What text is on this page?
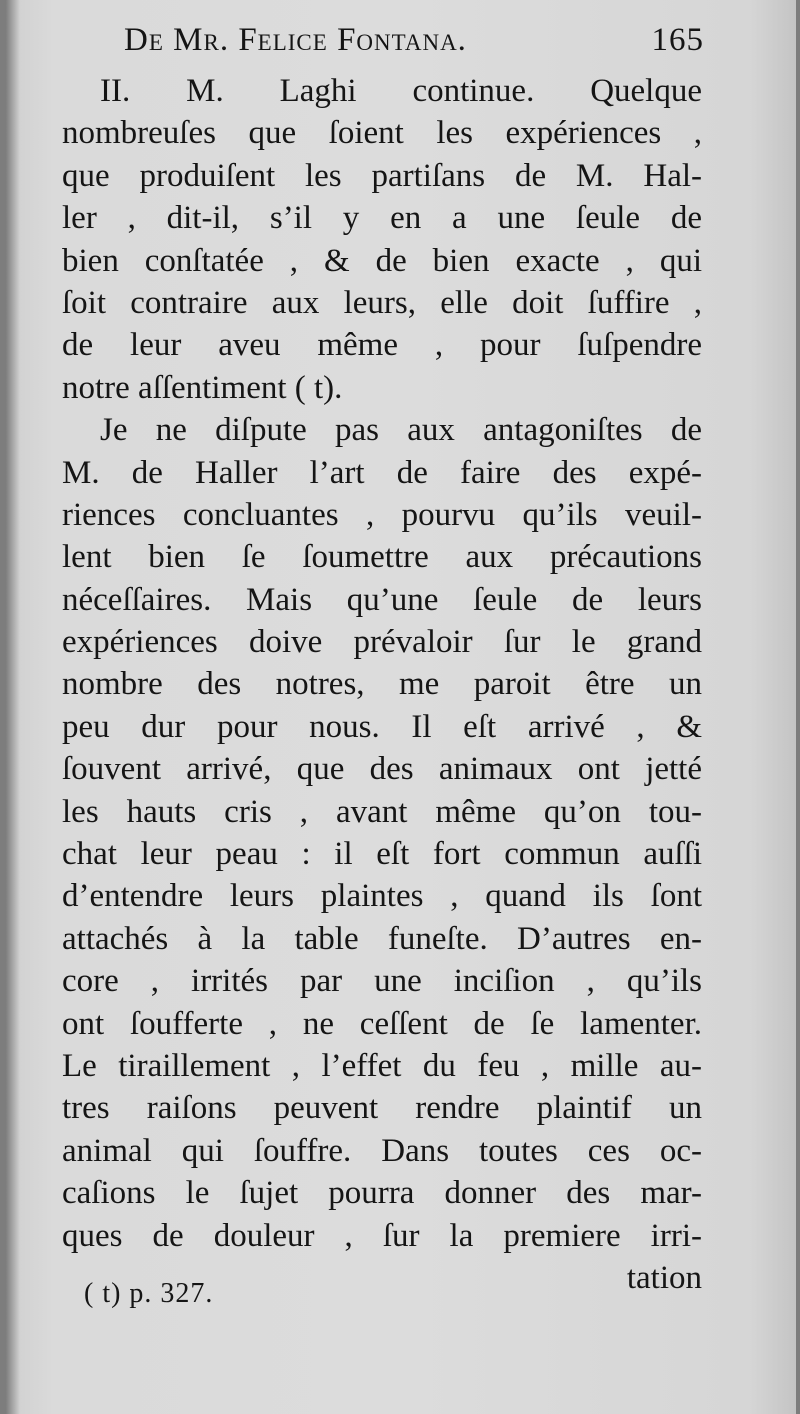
De Mr. Felice Fontana.	165
II. M. Laghi continue. Quelque
nombreuſes que ſoient les expériences ,
que produiſent les partiſans de M. Hal-
ler , dit-il, s’il y en a une ſeule de
bien conſtatée , & de bien exacte , qui
ſoit contraire aux leurs, elle doit ſuffire ,
de leur aveu même , pour ſuſpendre
notre aſſentiment ( t).
Je ne diſpute pas aux antagoniſtes de
M. de Haller l’art de faire des expé-
riences concluantes , pourvu qu’ils veuil-
lent bien ſe ſoumettre aux précautions
néceſſaires. Mais qu’une ſeule de leurs
expériences doive prévaloir ſur le grand
nombre des notres, me paroit être un
peu dur pour nous. Il eſt arrivé , &
ſouvent arrivé, que des animaux ont jetté
les hauts cris , avant même qu’on tou-
chat leur peau : il eſt fort commun auſſi
d’entendre leurs plaintes , quand ils ſont
attachés à la table funeſte. D’autres en-
core , irrités par une inciſion , qu’ils
ont ſoufferte , ne ceſſent de ſe lamenter.
Le tiraillement , l’effet du feu , mille au-
tres raiſons peuvent rendre plaintif un
animal qui ſouffre. Dans toutes ces oc-
caſions le ſujet pourra donner des mar-
ques de douleur , ſur la premiere irri-
tation
( t) p. 327.
